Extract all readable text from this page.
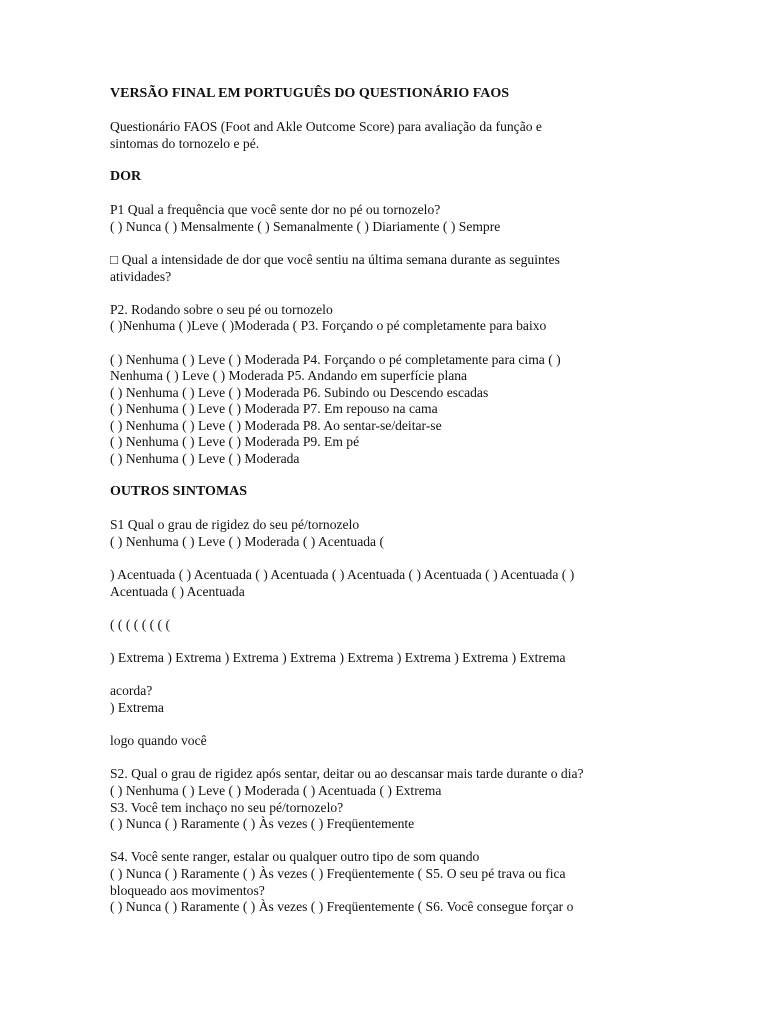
VERSÃO FINAL EM PORTUGUÊS DO QUESTIONÁRIO FAOS
Questionário FAOS (Foot and Akle Outcome Score) para avaliação da função e
sintomas do tornozelo e pé.
DOR
P1 Qual a frequência que você sente dor no pé ou tornozelo?
( ) Nunca ( ) Mensalmente ( ) Semanalmente ( ) Diariamente ( ) Sempre
□ Qual a intensidade de dor que você sentiu na última semana durante as seguintes
atividades?
P2. Rodando sobre o seu pé ou tornozelo
( )Nenhuma ( )Leve ( )Moderada ( P3. Forçando o pé completamente para baixo
( ) Nenhuma ( ) Leve ( ) Moderada P4. Forçando o pé completamente para cima ( )
Nenhuma ( ) Leve ( ) Moderada P5. Andando em superfície plana
( ) Nenhuma ( ) Leve ( ) Moderada P6. Subindo ou Descendo escadas
( ) Nenhuma ( ) Leve ( ) Moderada P7. Em repouso na cama
( ) Nenhuma ( ) Leve ( ) Moderada P8. Ao sentar-se/deitar-se
( ) Nenhuma ( ) Leve ( ) Moderada P9. Em pé
( ) Nenhuma ( ) Leve ( ) Moderada
OUTROS SINTOMAS
S1 Qual o grau de rigidez do seu pé/tornozelo
( ) Nenhuma ( ) Leve ( ) Moderada ( ) Acentuada (
) Acentuada ( ) Acentuada ( ) Acentuada ( ) Acentuada ( ) Acentuada ( ) Acentuada ( )
Acentuada ( ) Acentuada
( ( ( ( ( ( ( (
) Extrema ) Extrema ) Extrema ) Extrema ) Extrema ) Extrema ) Extrema ) Extrema
acorda?
) Extrema
logo quando você
S2. Qual o grau de rigidez após sentar, deitar ou ao descansar mais tarde durante o dia?
( ) Nenhuma ( ) Leve ( ) Moderada ( ) Acentuada ( ) Extrema
S3. Você tem inchaço no seu pé/tornozelo?
( ) Nunca ( ) Raramente ( ) Às vezes ( ) Freqüentemente
S4. Você sente ranger, estalar ou qualquer outro tipo de som quando
( ) Nunca ( ) Raramente ( ) Às vezes ( ) Freqüentemente ( S5. O seu pé trava ou fica
bloqueado aos movimentos?
( ) Nunca ( ) Raramente ( ) Às vezes ( ) Freqüentemente ( S6. Você consegue forçar o
